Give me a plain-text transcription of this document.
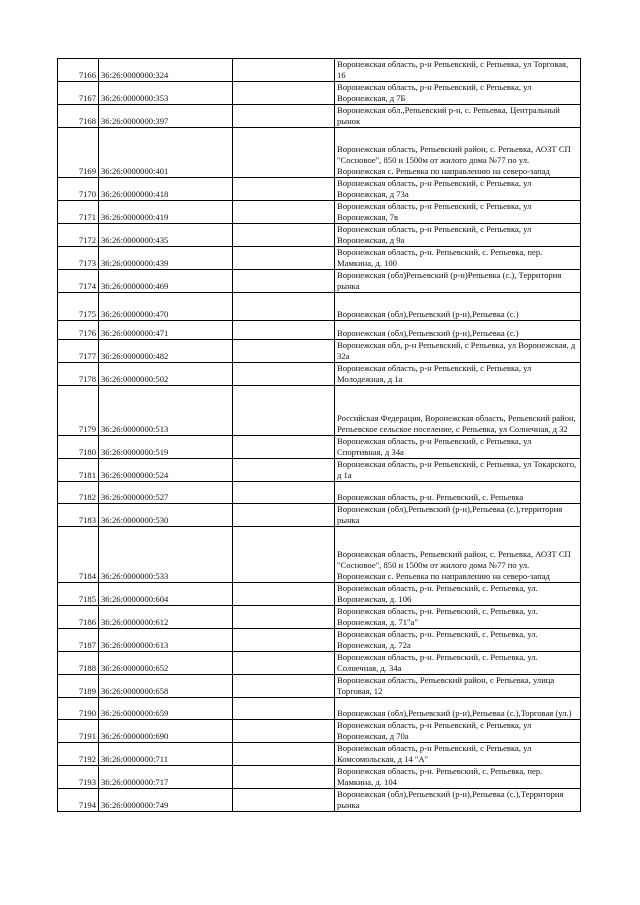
7166	36:26:0000000:324		Воронежская область, р-н Репьевский, с Репьевка, ул Торговая, 16
7167	36:26:0000000:353		Воронежская область, р-н Репьевский, с Репьевка, ул Воронежская, д 7Б
7168	36:26:0000000:397		Воронежская обл.,Репьевский р-н, с. Репьевка, Центральный рынок
7169	36:26:0000000:401		Воронежская область, Репьевский район, с. Репьевка, АОЗТ СП "Сосновое", 850 и 1500м от жилого дома №77 по ул. Воронежская с. Репьевка по направлению на северо-запад
7170	36:26:0000000:418		Воронежская область, р-н Репьевский, с Репьевка, ул Воронежская, д 73а
7171	36:26:0000000:419		Воронежская область, р-н Репьевский, с Репьевка, ул Воронежская, 7в
7172	36:26:0000000:435		Воронежская область, р-н Репьевский, с Репьевка, ул Воронежская, д 9а
7173	36:26:0000000:439		Воронежская область, р-н. Репьевский, с. Репьевка, пер. Мамкина, д. 100
7174	36:26:0000000:469		Воронежская (обл)Репьевский (р-н)Репьевка (с.), Территория рынка
7175	36:26:0000000:470		Воронежская (обл),Репьевский (р-н),Репьевка (с.)
7176	36:26:0000000:471		Воронежская (обл),Репьевский (р-н),Репьевка (с.)
7177	36:26:0000000:482		Воронежская обл, р-н Репьевский, с Репьевка, ул Воронежская, д 32а
7178	36:26:0000000:502		Воронежская область, р-н Репьевский, с Репьевка, ул Молодежная, д 1а
7179	36:26:0000000:513		Российская Федерация, Воронежская область, Репьевский район, Репьевское сельское поселение, с Репьевка, ул Солнечная, д 32
7180	36:26:0000000:519		Воронежская область, р-н Репьевский, с Репьевка, ул Спортивная, д 34а
7181	36:26:0000000:524		Воронежская область, р-н Репьевский, с Репьевка, ул Токарского, д 1а
7182	36:26:0000000:527		Воронежская область, р-н. Репьевский, с. Репьевка
7183	36:26:0000000:530		Воронежская (обл),Репьевский (р-н),Репьевка (с.),территория рынка
7184	36:26:0000000:533		Воронежская область, Репьевский район, с. Репьевка, АОЗТ СП "Сосновое", 850 и 1500м от жилого дома №77 по ул. Воронежская с. Репьевка по направлению на северо-запад
7185	36:26:0000000:604		Воронежская область, р-н. Репьевский, с. Репьевка, ул. Воронежская, д. 106
7186	36:26:0000000:612		Воронежская область, р-н. Репьевский, с. Репьевка, ул. Воронежская, д. 71"а"
7187	36:26:0000000:613		Воронежская область, р-н. Репьевский, с. Репьевка, ул. Воронежская, д. 72а
7188	36:26:0000000:652		Воронежская область, р-н. Репьевский, с. Репьевка, ул. Солнечная, д. 34а
7189	36:26:0000000:658		Воронежская область, Репьевский район, с Репьевка, улица Торговая, 12
7190	36:26:0000000:659		Воронежская (обл),Репьевский (р-н),Репьевка (с.),Торговая (ул.)
7191	36:26:0000000:690		Воронежская область, р-н Репьевский, с Репьевка, ул Воронежская, д 70а
7192	36:26:0000000:711		Воронежская область, р-н Репьевский, с Репьевка, ул Комсомольская, д 14 "А"
7193	36:26:0000000:717		Воронежская область, р-н. Репьевский, с. Репьевка, пер. Мамкина, д. 104
7194	36:26:0000000:749		Воронежская (обл),Репьевский (р-н),Репьевка (с.),Территория рынка
